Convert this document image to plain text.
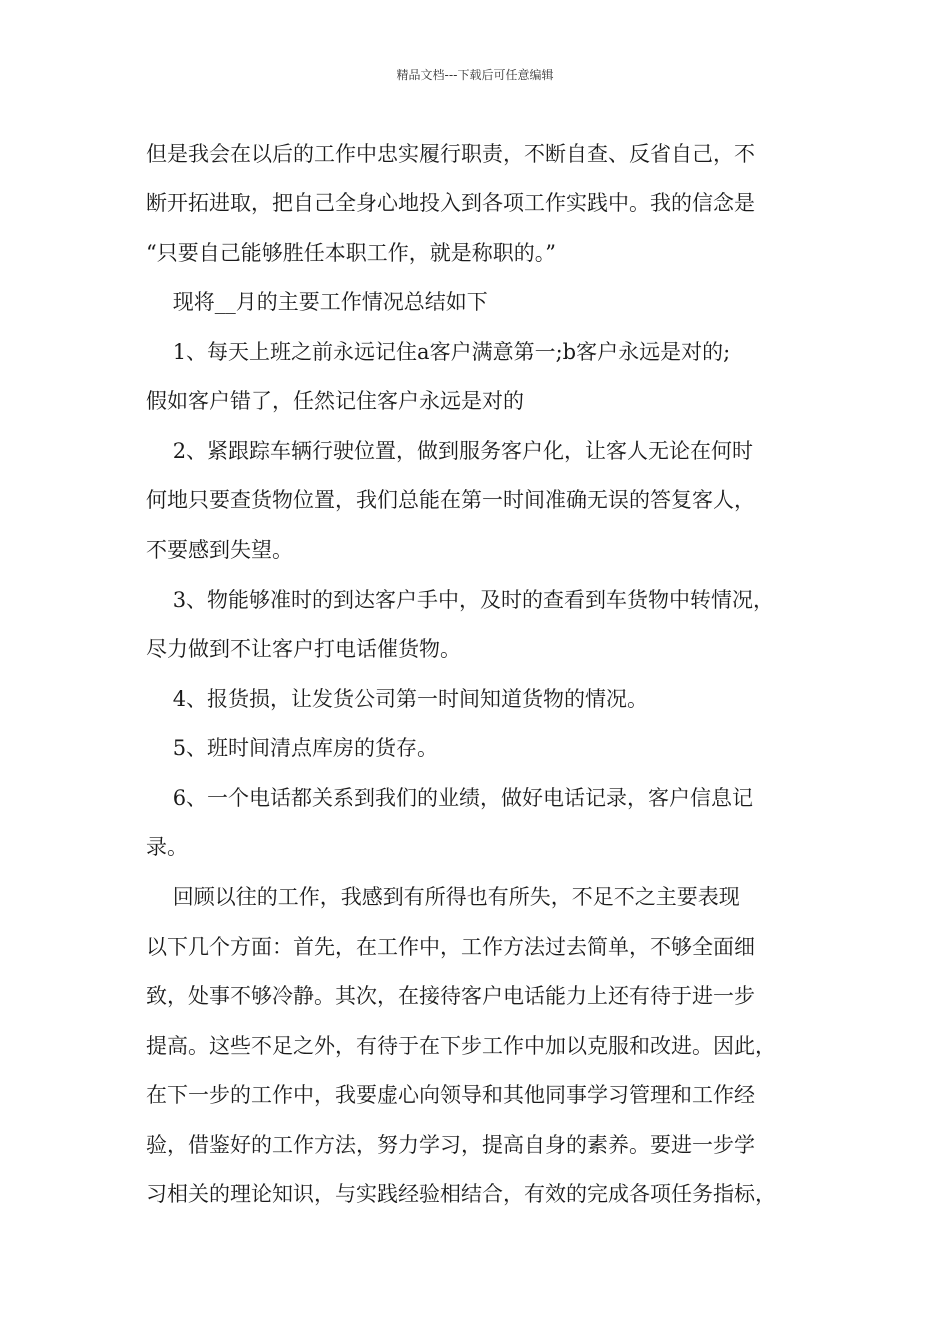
精品文档---下载后可任意编辑
但是我会在以后的工作中忠实履行职责，不断自查、反省自己，不
断开拓进取，把自己全身心地投入到各项工作实践中。我的信念是
“只要自己能够胜任本职工作，就是称职的。”
现将__月的主要工作情况总结如下
1、每天上班之前永远记住a客户满意第一;b客户永远是对的;
假如客户错了，任然记住客户永远是对的
2、紧跟踪车辆行驶位置，做到服务客户化，让客人无论在何时
何地只要查货物位置，我们总能在第一时间准确无误的答复客人，
不要感到失望。
3、物能够准时的到达客户手中，及时的查看到车货物中转情况，
尽力做到不让客户打电话催货物。
4、报货损，让发货公司第一时间知道货物的情况。
5、班时间清点库房的货存。
6、一个电话都关系到我们的业绩，做好电话记录，客户信息记
录。
回顾以往的工作，我感到有所得也有所失，不足不之主要表现
以下几个方面：首先，在工作中，工作方法过去简单，不够全面细
致，处事不够冷静。其次，在接待客户电话能力上还有待于进一步
提高。这些不足之外，有待于在下步工作中加以克服和改进。因此，
在下一步的工作中，我要虚心向领导和其他同事学习管理和工作经
验，借鉴好的工作方法，努力学习，提高自身的素养。要进一步学
习相关的理论知识，与实践经验相结合，有效的完成各项任务指标，
